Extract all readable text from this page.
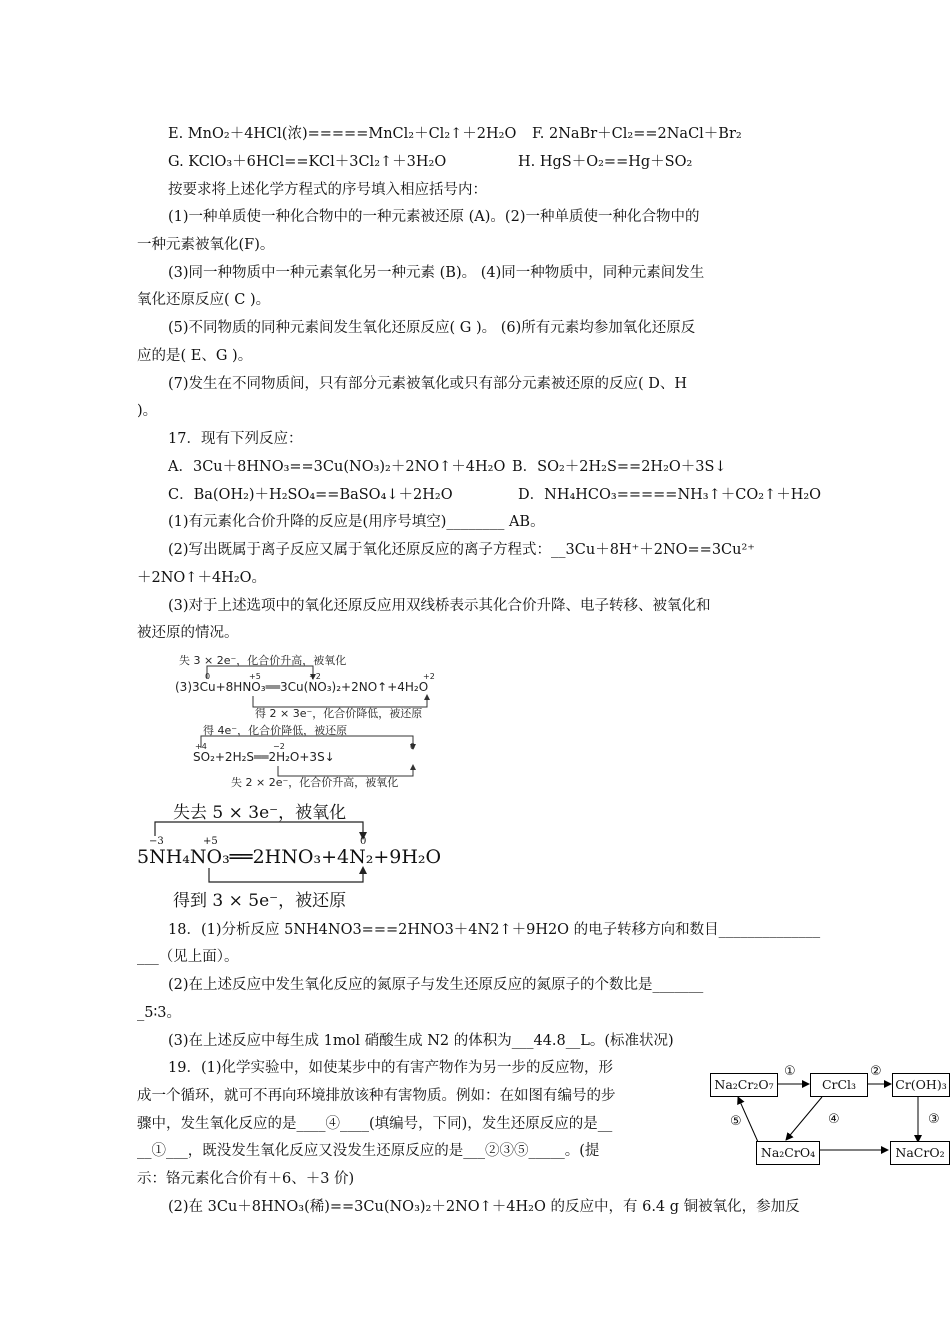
E. MnO₂＋4HCl(浓)=====MnCl₂＋Cl₂↑＋2H₂O F. 2NaBr＋Cl₂==2NaCl＋Br₂
G. KClO₃＋6HCl==KCl＋3Cl₂↑＋3H₂O	H. HgS＋O₂==Hg＋SO₂
按要求将上述化学方程式的序号填入相应括号内：
(1)一种单质使一种化合物中的一种元素被还原 (A)。(2)一种单质使一种化合物中的
一种元素被氧化(F)。
(3)同一种物质中一种元素氧化另一种元素 (B)。 (4)同一种物质中，同种元素间发生
氧化还原反应( C )。
(5)不同物质的同种元素间发生氧化还原反应( G )。 (6)所有元素均参加氧化还原反
应的是( E、G )。
(7)发生在不同物质间，只有部分元素被氧化或只有部分元素被还原的反应( D、H
)。
17．现有下列反应：
A．3Cu＋8HNO₃==3Cu(NO₃)₂＋2NO↑＋4H₂O B．SO₂＋2H₂S==2H₂O＋3S↓
C．Ba(OH₂)＋H₂SO₄==BaSO₄↓＋2H₂O	D．NH₄HCO₃=====NH₃↑＋CO₂↑＋H₂O
(1)有元素化合价升降的反应是(用序号填空)________ AB。
(2)写出既属于离子反应又属于氧化还原反应的离子方程式：__3Cu＋8H⁺＋2NO==3Cu²⁺
＋2NO↑＋4H₂O。
(3)对于上述选项中的氧化还原反应用双线桥表示其化合价升降、电子转移、被氧化和
被还原的情况。
失 3 × 2e⁻，化合价升高，被氧化
0	+5	+2	+2
(3)3Cu+8HNO₃══3Cu(NO₃)₂+2NO↑+4H₂O
得 2 × 3e⁻，化合价降低，被还原
得 4e⁻，化合价降低，被还原
+4	−2	0
SO₂+2H₂S══2H₂O+3S↓
失 2 × 2e⁻，化合价升高，被氧化
失去 5 × 3e⁻，被氧化
−3	+5	0
5NH₄NO₃══2HNO₃+4N₂+9H₂O
得到 3 × 5e⁻，被还原
18．(1)分析反应 5NH4NO3===2HNO3＋4N2↑＋9H2O 的电子转移方向和数目______________
___（见上面）。
(2)在上述反应中发生氧化反应的氮原子与发生还原反应的氮原子的个数比是_______
_5∶3。
(3)在上述反应中每生成 1mol 硝酸生成 N2 的体积为___44.8__L。(标准状况)
19．(1)化学实验中，如使某步中的有害产物作为另一步的反应物，形
成一个循环，就可不再向环境排放该种有害物质。例如：在如图有编号的步
骤中，发生氧化反应的是____④____(填编号，下同)，发生还原反应的是__
__①___，既没发生氧化反应又没发生还原反应的是___②③⑤_____。(提
示：铬元素化合价有＋6、＋3 价)
(2)在 3Cu＋8HNO₃(稀)==3Cu(NO₃)₂＋2NO↑＋4H₂O 的反应中，有 6.4 g 铜被氧化，参加反
Na₂Cr₂O₇	CrCl₃	Cr(OH)₃
Na₂CrO₄	NaCrO₂
①	②
③
④
⑤
